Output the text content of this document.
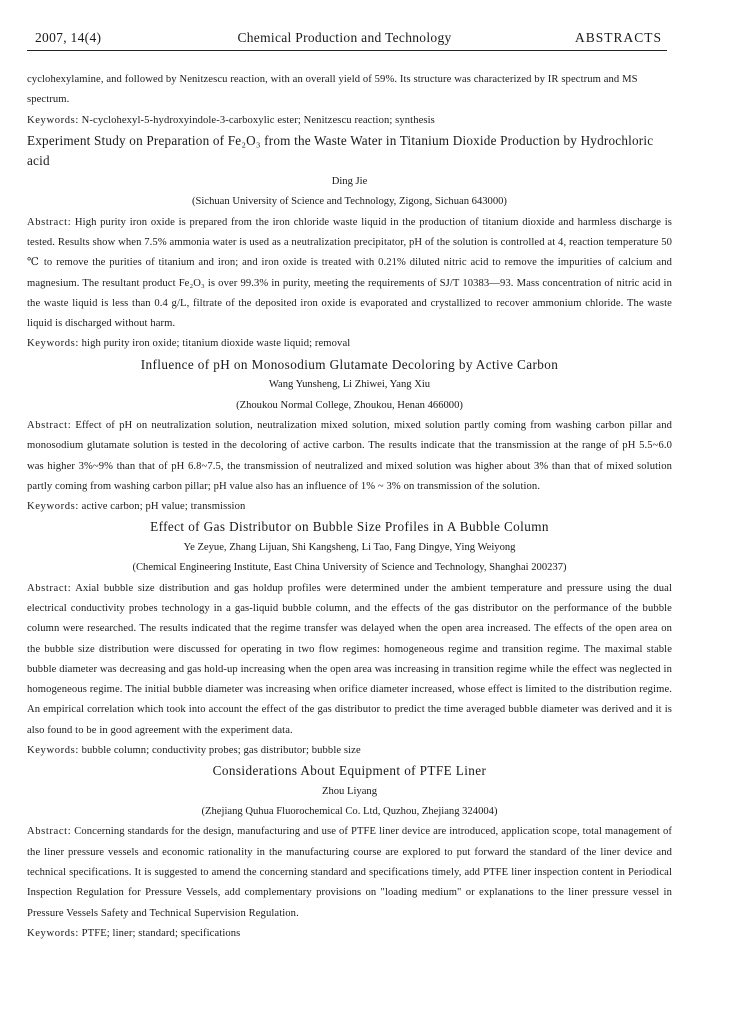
2007, 14(4)	Chemical Production and Technology	ABSTRACTS

cyclohexylamine, and followed by Nenitzescu reaction, with an overall yield of 59%. Its structure was characterized by IR spectrum and MS spectrum.

Keywords: N-cyclohexyl-5-hydroxyindole-3-carboxylic ester; Nenitzescu reaction; synthesis

Experiment Study on Preparation of Fe₂O₃ from the Waste Water in Titanium Dioxide Production by Hydrochloric acid

Ding Jie

(Sichuan University of Science and Technology, Zigong, Sichuan 643000)

Abstract: High purity iron oxide is prepared from the iron chloride waste liquid in the production of titanium dioxide and harmless discharge is tested. Results show when 7.5% ammonia water is used as a neutralization precipitator, pH of the solution is controlled at 4, reaction temperature 50 ℃ to remove the purities of titanium and iron; and iron oxide is treated with 0.21% diluted nitric acid to remove the impurities of calcium and magnesium. The resultant product Fe₂O₃ is over 99.3% in purity, meeting the requirements of SJ/T 10383—93. Mass concentration of nitric acid in the waste liquid is less than 0.4 g/L, filtrate of the deposited iron oxide is evaporated and crystallized to recover ammonium chloride. The waste liquid is discharged without harm.

Keywords: high purity iron oxide; titanium dioxide waste liquid; removal

Influence of pH on Monosodium Glutamate Decoloring by Active Carbon

Wang Yunsheng, Li Zhiwei, Yang Xiu

(Zhoukou Normal College, Zhoukou, Henan 466000)

Abstract: Effect of pH on neutralization solution, neutralization mixed solution, mixed solution partly coming from washing carbon pillar and monosodium glutamate solution is tested in the decoloring of active carbon. The results indicate that the transmission at the range of pH 5.5~6.0 was higher 3%~9% than that of pH 6.8~7.5, the transmission of neutralized and mixed solution was higher about 3% than that of mixed solution partly coming from washing carbon pillar; pH value also has an influence of 1% ~ 3% on transmission of the solution.

Keywords: active carbon; pH value; transmission

Effect of Gas Distributor on Bubble Size Profiles in A Bubble Column

Ye Zeyue, Zhang Lijuan, Shi Kangsheng, Li Tao, Fang Dingye, Ying Weiyong

(Chemical Engineering Institute, East China University of Science and Technology, Shanghai 200237)

Abstract: Axial bubble size distribution and gas holdup profiles were determined under the ambient temperature and pressure using the dual electrical conductivity probes technology in a gas-liquid bubble column, and the effects of the gas distributor on the performance of the bubble column were researched. The results indicated that the regime transfer was delayed when the open area increased. The effects of the open area on the bubble size distribution were discussed for operating in two flow regimes: homogeneous regime and transition regime. The maximal stable bubble diameter was decreasing and gas hold-up increasing when the open area was increasing in transition regime while the effect was neglected in homogeneous regime. The initial bubble diameter was increasing when orifice diameter increased, whose effect is limited to the distribution regime. An empirical correlation which took into account the effect of the gas distributor to predict the time averaged bubble diameter was derived and it is also found to be in good agreement with the experiment data.

Keywords: bubble column; conductivity probes; gas distributor; bubble size

Considerations About Equipment of PTFE Liner

Zhou Liyang

(Zhejiang Quhua Fluorochemical Co. Ltd, Quzhou, Zhejiang 324004)

Abstract: Concerning standards for the design, manufacturing and use of PTFE liner device are introduced, application scope, total management of the liner pressure vessels and economic rationality in the manufacturing course are explored to put forward the standard of the liner device and technical specifications. It is suggested to amend the concerning standard and specifications timely, add PTFE liner inspection content in Periodical Inspection Regulation for Pressure Vessels, add complementary provisions on "loading medium" or explanations to the liner pressure vessel in Pressure Vessels Safety and Technical Supervision Regulation.

Keywords: PTFE; liner; standard; specifications
